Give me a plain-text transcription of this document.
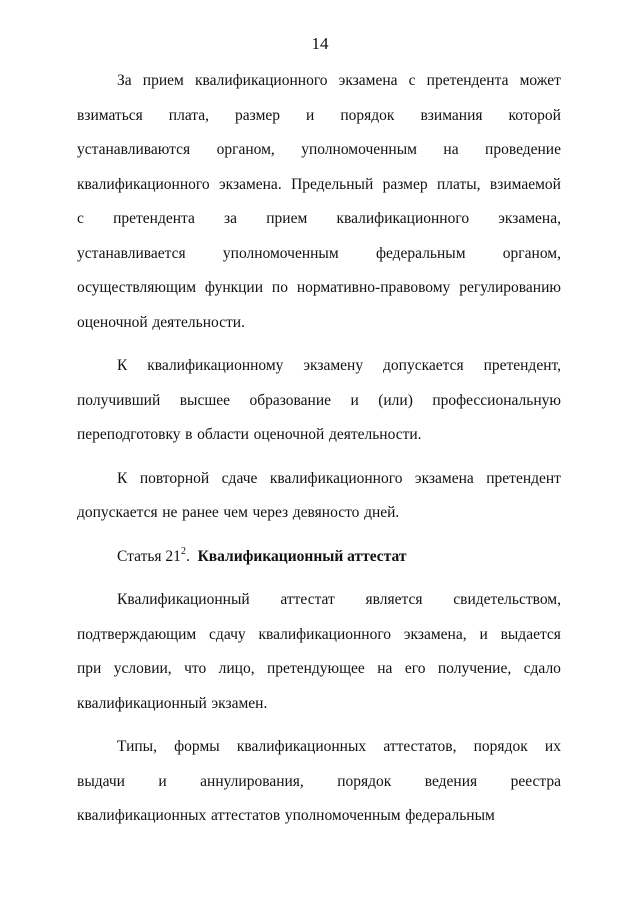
14
За прием квалификационного экзамена с претендента может
взиматься плата, размер и порядок взимания которой
устанавливаются органом, уполномоченным на проведение
квалификационного экзамена. Предельный размер платы, взимаемой
с претендента за прием квалификационного экзамена,
устанавливается уполномоченным федеральным органом,
осуществляющим функции по нормативно-правовому регулированию
оценочной деятельности.
К квалификационному экзамену допускается претендент,
получивший высшее образование и (или) профессиональную
переподготовку в области оценочной деятельности.
К повторной сдаче квалификационного экзамена претендент
допускается не ранее чем через девяносто дней.
Статья $21^2$. Квалификационный аттестат
Квалификационный аттестат является свидетельством,
подтверждающим сдачу квалификационного экзамена, и выдается
при условии, что лицо, претендующее на его получение, сдало
квалификационный экзамен.
Типы, формы квалификационных аттестатов, порядок их
выдачи и аннулирования, порядок ведения реестра
квалификационных аттестатов уполномоченным федеральным
